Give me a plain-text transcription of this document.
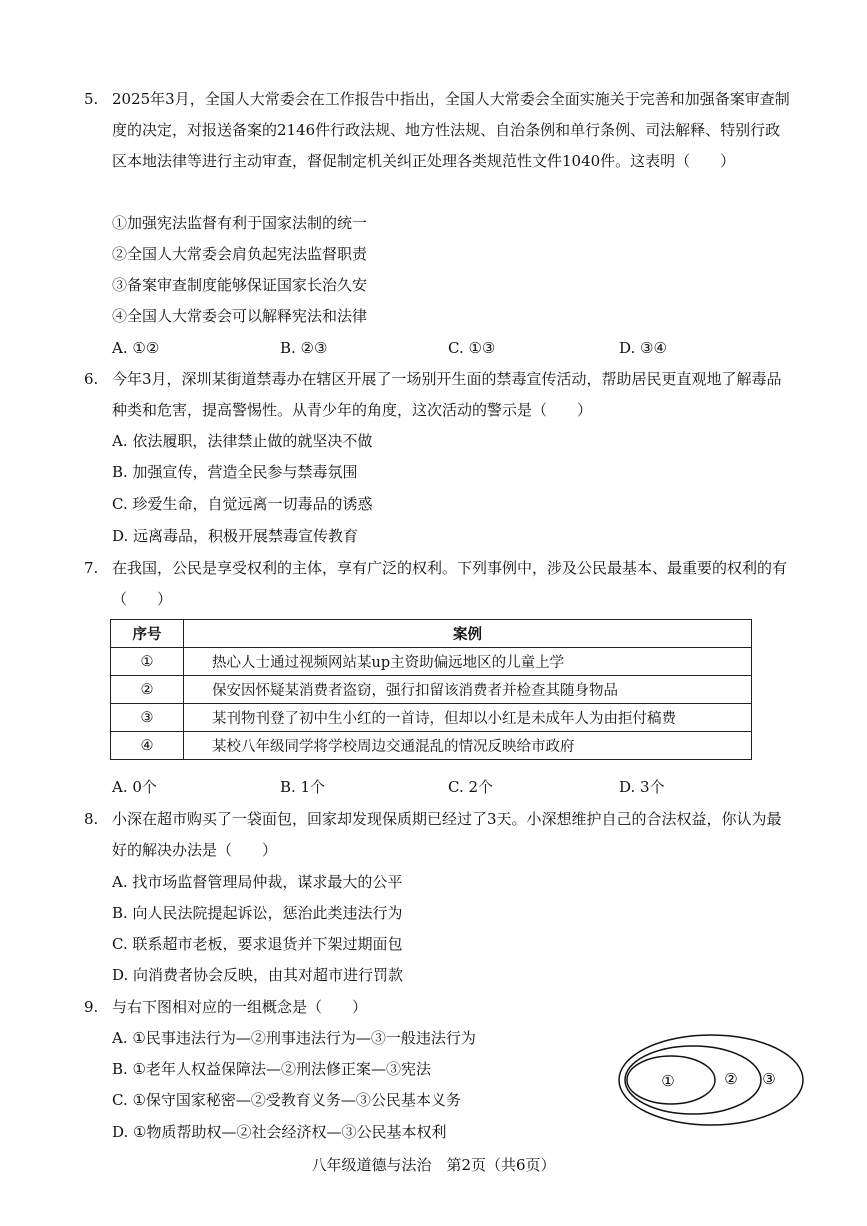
5. 2025年3月，全国人大常委会在工作报告中指出，全国人大常委会全面实施关于完善和加强备案审查制度的决定，对报送备案的2146件行政法规、地方性法规、自治条例和单行条例、司法解释、特别行政区本地法律等进行主动审查，督促制定机关纠正处理各类规范性文件1040件。这表明（　　）
①加强宪法监督有利于国家法制的统一
②全国人大常委会肩负起宪法监督职责
③备案审查制度能够保证国家长治久安
④全国人大常委会可以解释宪法和法律
A. ①②	B. ②③	C. ①③	D. ③④
6. 今年3月，深圳某街道禁毒办在辖区开展了一场别开生面的禁毒宣传活动，帮助居民更直观地了解毒品种类和危害，提高警惕性。从青少年的角度，这次活动的警示是（　　）
A. 依法履职，法律禁止做的就坚决不做
B. 加强宣传，营造全民参与禁毒氛围
C. 珍爱生命，自觉远离一切毒品的诱惑
D. 远离毒品，积极开展禁毒宣传教育
7. 在我国，公民是享受权利的主体，享有广泛的权利。下列事例中，涉及公民最基本、最重要的权利的有（　　）
序号	案例
①	热心人士通过视频网站某up主资助偏远地区的儿童上学
②	保安因怀疑某消费者盗窃，强行扣留该消费者并检查其随身物品
③	某刊物刊登了初中生小红的一首诗，但却以小红是未成年人为由拒付稿费
④	某校八年级同学将学校周边交通混乱的情况反映给市政府
A. 0个	B. 1个	C. 2个	D. 3个
8. 小深在超市购买了一袋面包，回家却发现保质期已经过了3天。小深想维护自己的合法权益，你认为最好的解决办法是（　　）
A. 找市场监督管理局仲裁，谋求最大的公平
B. 向人民法院提起诉讼，惩治此类违法行为
C. 联系超市老板，要求退货并下架过期面包
D. 向消费者协会反映，由其对超市进行罚款
9. 与右下图相对应的一组概念是（　　）
A. ①民事违法行为—②刑事违法行为—③一般违法行为
B. ①老年人权益保障法—②刑法修正案—③宪法
C. ①保守国家秘密—②受教育义务—③公民基本义务
D. ①物质帮助权—②社会经济权—③公民基本权利
①	② ③
八年级道德与法治　第2页（共6页）
